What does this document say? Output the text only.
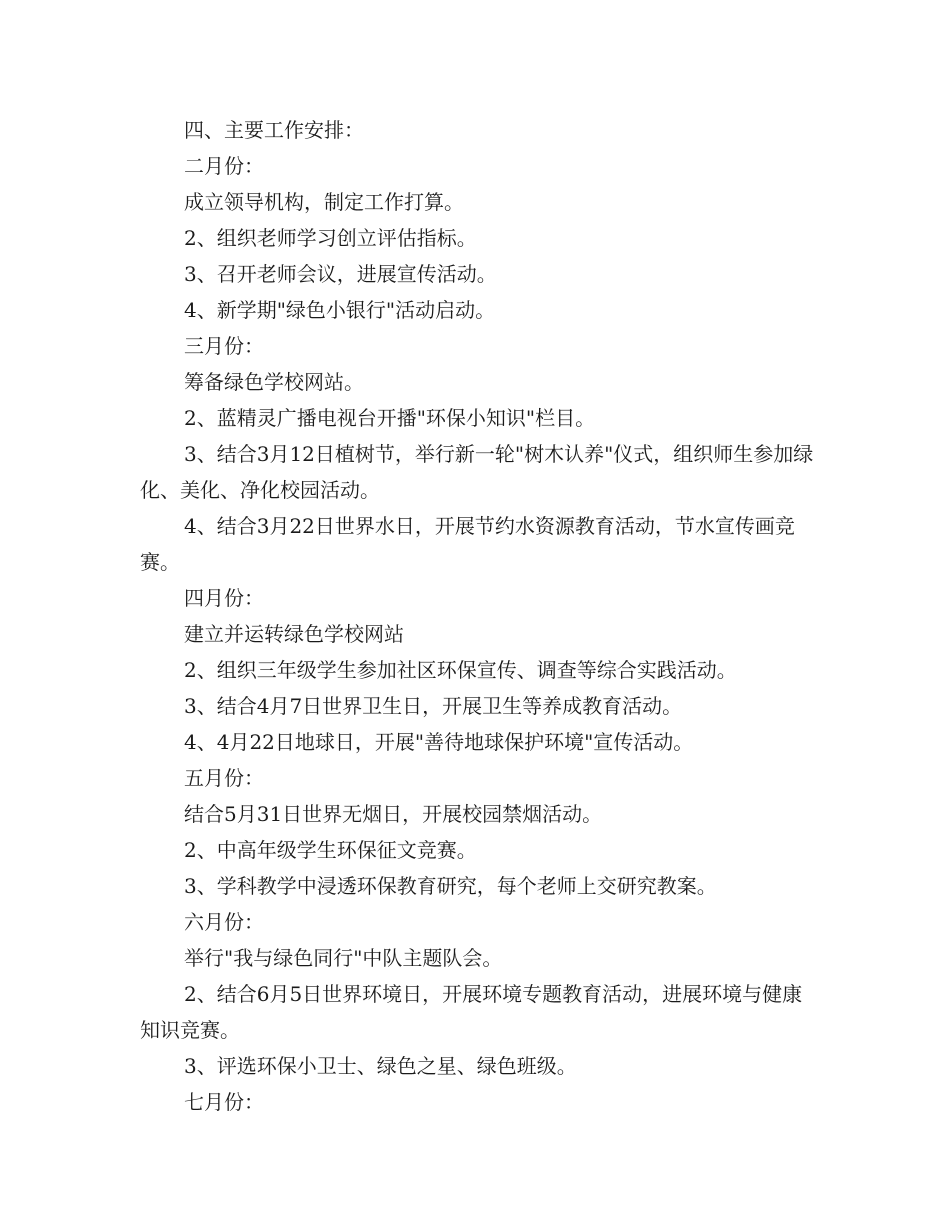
四、主要工作安排：

二月份：

成立领导机构，制定工作打算。

2、组织老师学习创立评估指标。

3、召开老师会议，进展宣传活动。

4、新学期"绿色小银行"活动启动。

三月份：

筹备绿色学校网站。

2、蓝精灵广播电视台开播"环保小知识"栏目。

3、结合3月12日植树节，举行新一轮"树木认养"仪式，组织师生参加绿化、美化、净化校园活动。

4、结合3月22日世界水日，开展节约水资源教育活动，节水宣传画竞赛。

四月份：

建立并运转绿色学校网站

2、组织三年级学生参加社区环保宣传、调查等综合实践活动。

3、结合4月7日世界卫生日，开展卫生等养成教育活动。

4、4月22日地球日，开展"善待地球保护环境"宣传活动。

五月份：

结合5月31日世界无烟日，开展校园禁烟活动。

2、中高年级学生环保征文竞赛。

3、学科教学中浸透环保教育研究，每个老师上交研究教案。

六月份：

举行"我与绿色同行"中队主题队会。

2、结合6月5日世界环境日，开展环境专题教育活动，进展环境与健康知识竞赛。

3、评选环保小卫士、绿色之星、绿色班级。

七月份：
